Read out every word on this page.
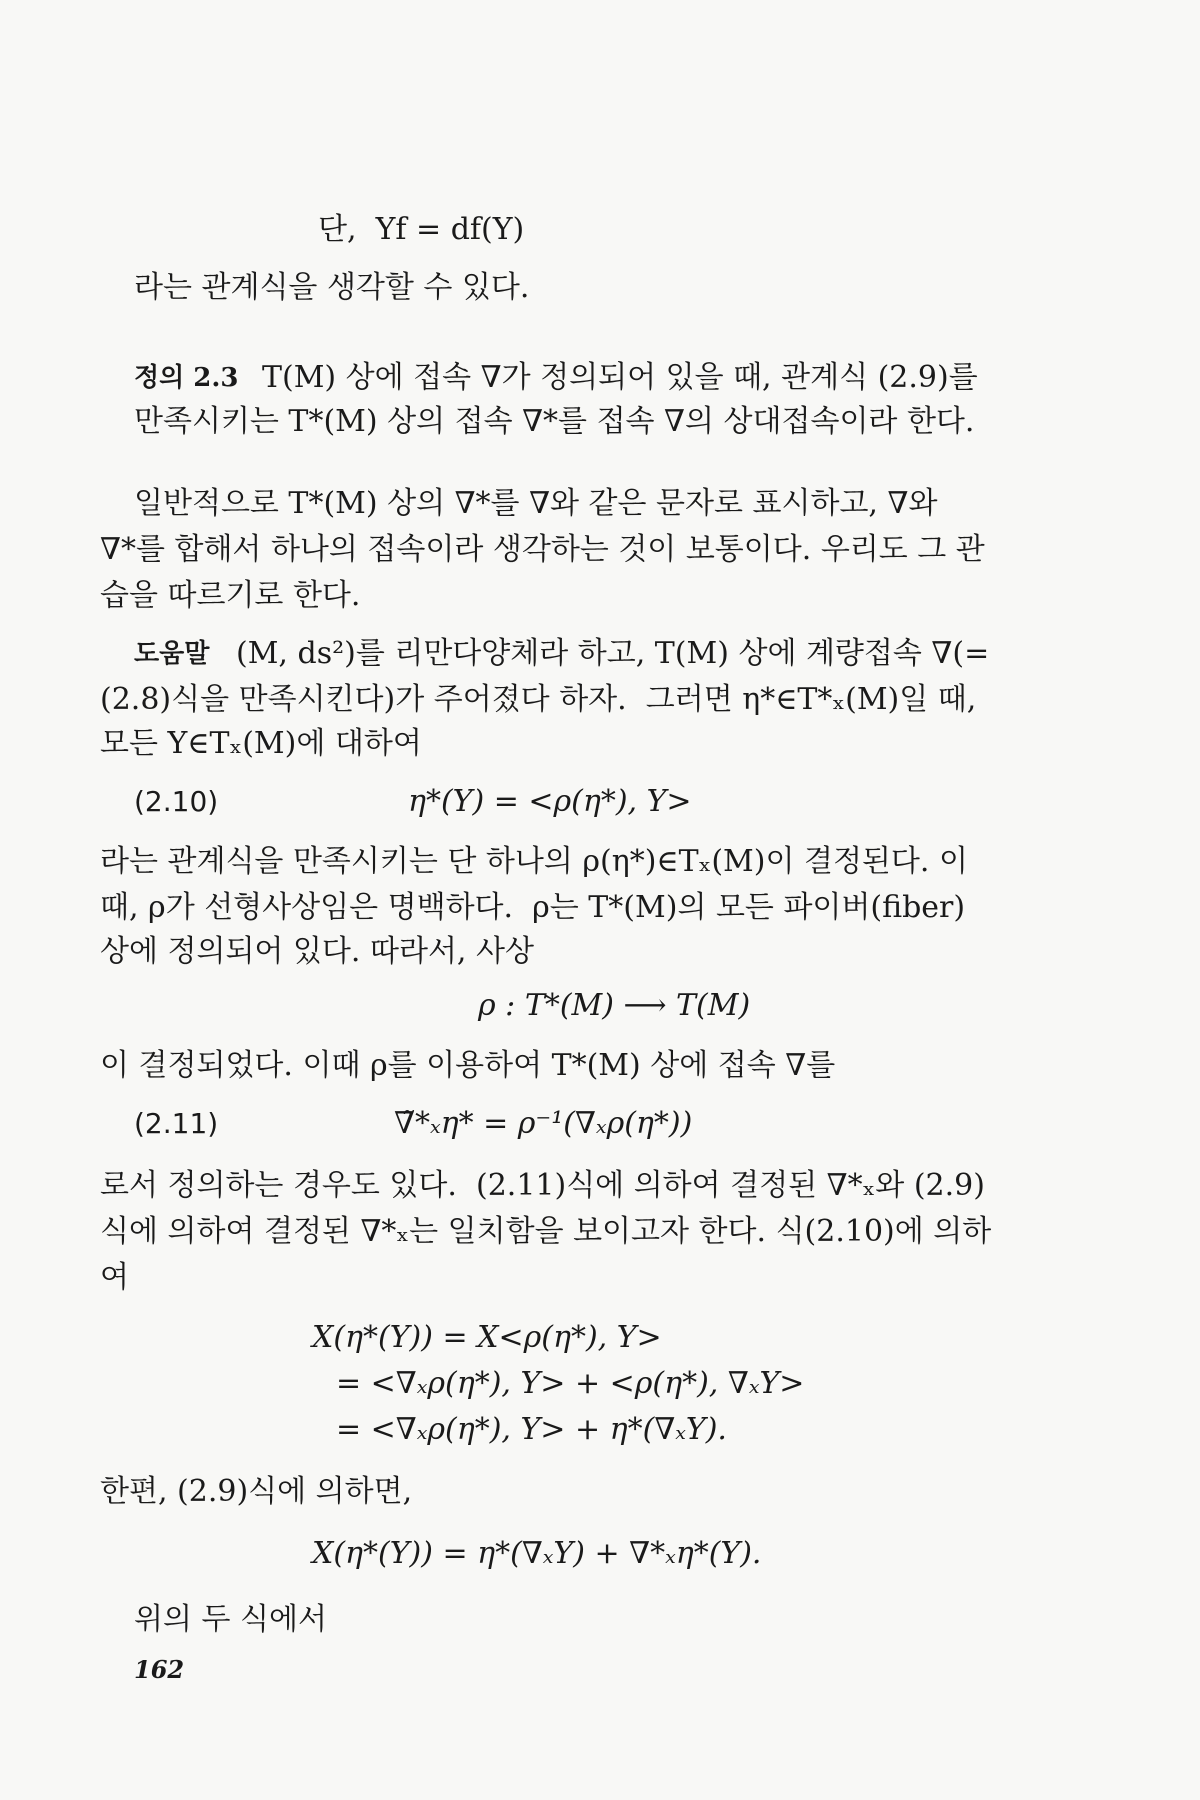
단,  Yf = df(Y)
라는 관계식을 생각할 수 있다.
정의 2.3 T(M) 상에 접속 ∇가 정의되어 있을 때, 관계식 (2.9)를
만족시키는 T*(M) 상의 접속 ∇*를 접속 ∇의 상대접속이라 한다.
일반적으로 T*(M) 상의 ∇*를 ∇와 같은 문자로 표시하고, ∇와
∇*를 합해서 하나의 접속이라 생각하는 것이 보통이다. 우리도 그 관
습을 따르기로 한다.
도움말 (M, ds²)를 리만다양체라 하고, T(M) 상에 계량접속 ∇(=
(2.8)식을 만족시킨다)가 주어졌다 하자.  그러면 η*∈T*ₓ(M)일 때,
모든 Y∈Tₓ(M)에 대하여
(2.10)	η*(Y) = <ρ(η*), Y>
라는 관계식을 만족시키는 단 하나의 ρ(η*)∈Tₓ(M)이 결정된다. 이
때, ρ가 선형사상임은 명백하다.  ρ는 T*(M)의 모든 파이버(fiber)
상에 정의되어 있다. 따라서, 사상
ρ : T*(M) ⟶ T(M)
이 결정되었다. 이때 ρ를 이용하여 T*(M) 상에 접속 ∇를
(2.11)	∇̃*ₓη* = ρ⁻¹(∇ₓρ(η*))
로서 정의하는 경우도 있다.  (2.11)식에 의하여 결정된 ∇*ₓ와 (2.9)
식에 의하여 결정된 ∇*ₓ는 일치함을 보이고자 한다. 식(2.10)에 의하
여
X(η*(Y)) = X<ρ(η*), Y>
= <∇ₓρ(η*), Y> + <ρ(η*), ∇ₓY>
= <∇ₓρ(η*), Y> + η*(∇ₓY).
한편, (2.9)식에 의하면,
X(η*(Y)) = η*(∇ₓY) + ∇*ₓη*(Y).
위의 두 식에서
162
